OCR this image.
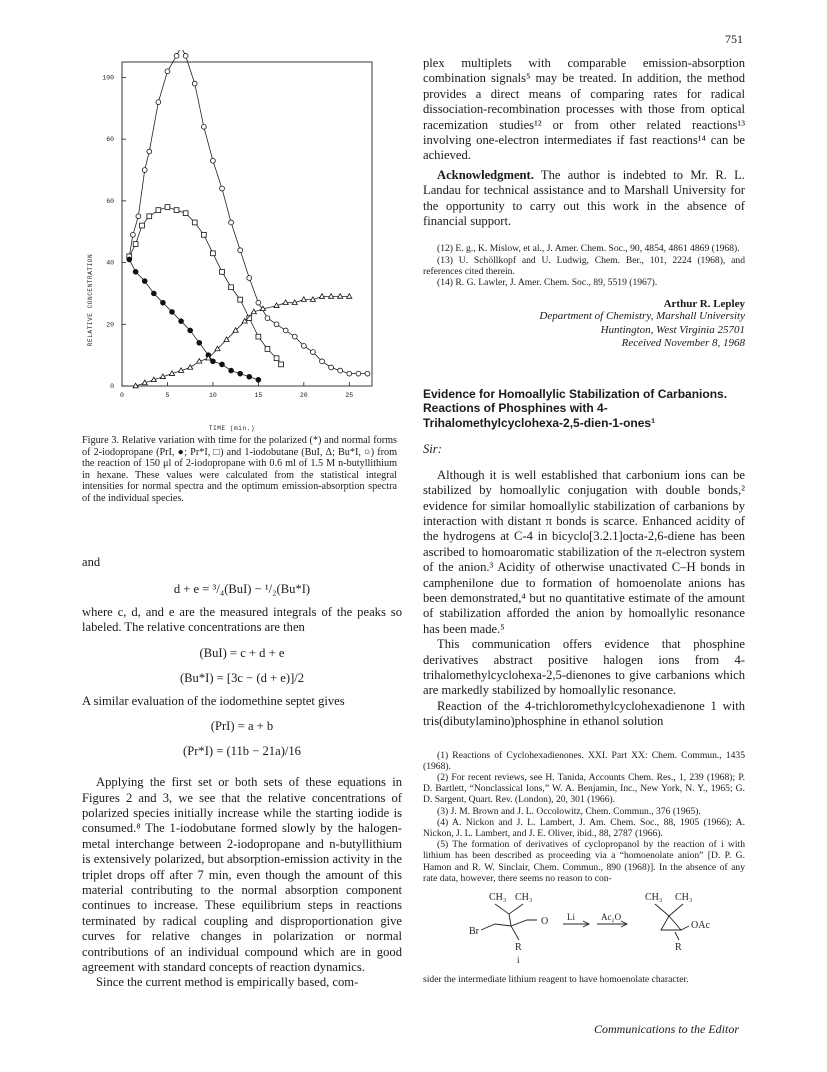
751
0	5	10	15	20	25
0
20
40
60
60
100
RELATIVE CONCENTRATION
TIME (min.)
Figure 3. Relative variation with time for the polarized (*) and normal forms of 2-iodopropane (PrI, ●; Pr*I, □) and 1-iodobutane (BuI, Δ; Bu*I, ○) from the reaction of 150 μl of 2-iodopropane with 0.6 ml of 1.5 M n-butyllithium in hexane. These values were calculated from the statistical integral intensities for normal spectra and the optimum emission-absorption spectra of the individual species.

and

d + e = ³/₄(BuI) − ¹/₂(Bu*I)

where c, d, and e are the measured integrals of the peaks so labeled. The relative concentrations are then

(BuI) = c + d + e

(Bu*I) = [3c − (d + e)]/2

A similar evaluation of the iodomethine septet gives

(PrI) = a + b

(Pr*I) = (11b − 21a)/16

Applying the first set or both sets of these equations in Figures 2 and 3, we see that the relative concentrations of polarized species initially increase while the starting iodide is consumed.⁸ The 1-iodobutane formed slowly by the halogen-metal interchange between 2-iodopropane and n-butyllithium is extensively polarized, but absorption-emission activity in the triplet drops off after 7 min, even though the amount of this material contributing to the normal absorption component continues to increase. These equilibrium steps in reactions terminated by radical coupling and disproportionation give curves for relative changes in polarization or normal contributions of an individual compound which are in good agreement with standard concepts of reaction dynamics.

Since the current method is empirically based, com-

plex multiplets with comparable emission-absorption combination signals⁵ may be treated. In addition, the method provides a direct means of comparing rates for radical dissociation-recombination processes with those from optical racemization studies¹² or from other related reactions¹³ involving one-electron intermediates if fast reactions¹⁴ can be achieved.

Acknowledgment. The author is indebted to Mr. R. L. Landau for technical assistance and to Marshall University for the opportunity to carry out this work in the absence of financial support.

(12) E. g., K. Mislow, et al., J. Amer. Chem. Soc., 90, 4854, 4861 4869 (1968).

(13) U. Schöllkopf and U. Ludwig, Chem. Ber., 101, 2224 (1968), and references cited therein.

(14) R. G. Lawler, J. Amer. Chem. Soc., 89, 5519 (1967).

Arthur R. Lepley
Department of Chemistry, Marshall University
Huntington, West Virginia 25701
Received November 8, 1968
Evidence for Homoallylic Stabilization of Carbanions. Reactions of Phosphines with 4-Trihalomethylcyclohexa-2,5-dien-1-ones¹

Sir:

Although it is well established that carbonium ions can be stabilized by homoallylic conjugation with double bonds,² evidence for similar homoallylic stabilization of carbanions by interaction with distant π bonds is scarce. Enhanced acidity of the hydrogens at C-4 in bicyclo[3.2.1]octa-2,6-diene has been ascribed to homoaromatic stabilization of the π-electron system of the anion.³ Acidity of otherwise unactivated C–H bonds in camphenilone due to formation of homoenolate anions has been demonstrated,⁴ but no quantitative estimate of the amount of stabilization afforded the anion by homoallylic resonance has been made.⁵

This communication offers evidence that phosphine derivatives abstract positive halogen ions from 4-trihalomethylcyclohexa-2,5-dienones to give carbanions which are markedly stabilized by homoallylic resonance.

Reaction of the 4-trichloromethylcyclohexadienone 1 with tris(dibutylamino)phosphine in ethanol solution

(1) Reactions of Cyclohexadienones. XXI. Part XX: Chem. Commun., 1435 (1968).

(2) For recent reviews, see H. Tanida, Accounts Chem. Res., 1, 239 (1968); P. D. Bartlett, “Nonclassical Ions,” W. A. Benjamin, Inc., New York, N. Y., 1965; G. D. Sargent, Quart. Rev. (London), 20, 301 (1966).

(3) J. M. Brown and J. L. Occolowitz, Chem. Commun., 376 (1965).

(4) A. Nickon and J. L. Lambert, J. Am. Chem. Soc., 88, 1905 (1966); A. Nickon, J. L. Lambert, and J. E. Oliver, ibid., 88, 2787 (1966).

(5) The formation of derivatives of cyclopropanol by the reaction of i with lithium has been described as proceeding via a “homoenolate anion” [D. P. G. Hamon and R. W. Sinclair, Chem. Commun., 890 (1968)]. In the absence of any rate data, however, there seems no reason to con-

CH₃ CH₃
Br
O
R
i
Li	Ac₂O
CH₃ CH₃
OAc
R

sider the intermediate lithium reagent to have homoenolate character.

Communications to the Editor
